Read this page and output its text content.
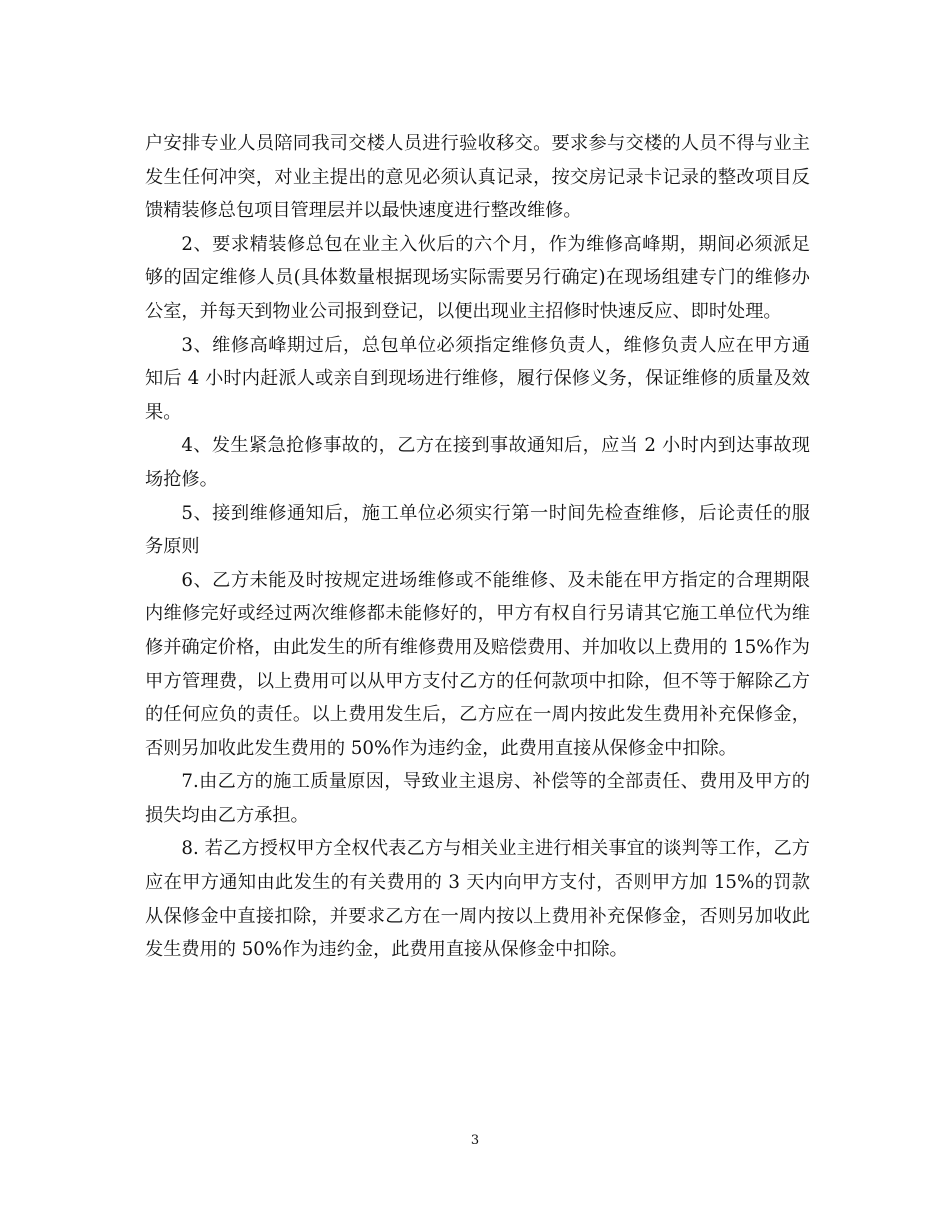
户安排专业人员陪同我司交楼人员进行验收移交。要求参与交楼的人员不得与业主发生任何冲突，对业主提出的意见必须认真记录，按交房记录卡记录的整改项目反馈精装修总包项目管理层并以最快速度进行整改维修。

2、要求精装修总包在业主入伙后的六个月，作为维修高峰期，期间必须派足够的固定维修人员(具体数量根据现场实际需要另行确定)在现场组建专门的维修办公室，并每天到物业公司报到登记，以便出现业主招修时快速反应、即时处理。

3、维修高峰期过后，总包单位必须指定维修负责人，维修负责人应在甲方通知后 4 小时内赶派人或亲自到现场进行维修，履行保修义务，保证维修的质量及效果。

4、发生紧急抢修事故的，乙方在接到事故通知后，应当 2 小时内到达事故现场抢修。

5、接到维修通知后，施工单位必须实行第一时间先检查维修，后论责任的服务原则

6、乙方未能及时按规定进场维修或不能维修、及未能在甲方指定的合理期限内维修完好或经过两次维修都未能修好的，甲方有权自行另请其它施工单位代为维修并确定价格，由此发生的所有维修费用及赔偿费用、并加收以上费用的 15%作为甲方管理费，以上费用可以从甲方支付乙方的任何款项中扣除，但不等于解除乙方的任何应负的责任。以上费用发生后，乙方应在一周内按此发生费用补充保修金，否则另加收此发生费用的 50%作为违约金，此费用直接从保修金中扣除。

7.由乙方的施工质量原因，导致业主退房、补偿等的全部责任、费用及甲方的损失均由乙方承担。

8. 若乙方授权甲方全权代表乙方与相关业主进行相关事宜的谈判等工作，乙方应在甲方通知由此发生的有关费用的 3 天内向甲方支付，否则甲方加 15%的罚款从保修金中直接扣除，并要求乙方在一周内按以上费用补充保修金，否则另加收此发生费用的 50%作为违约金，此费用直接从保修金中扣除。

3
